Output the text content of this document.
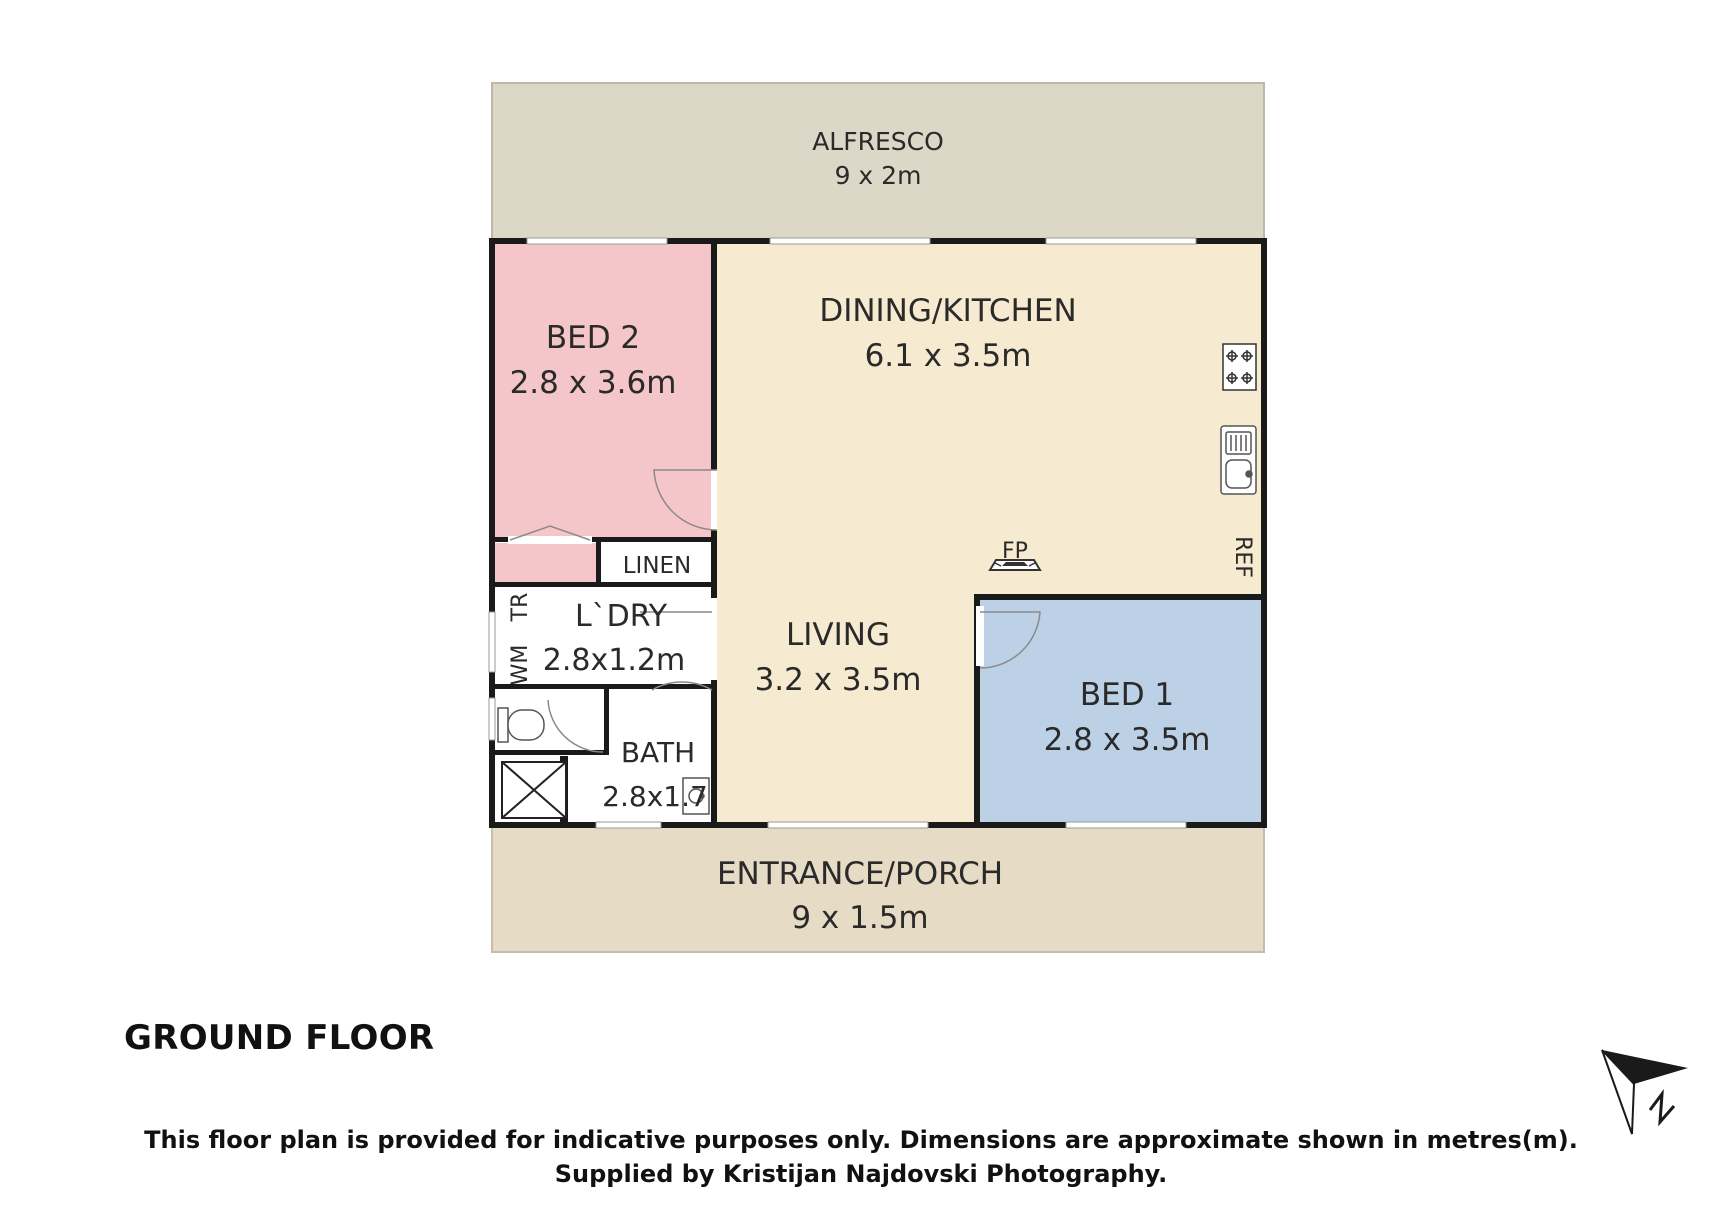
ALFRESCO
9 x 2m
BED 2
2.8 x 3.6m
DINING/KITCHEN
6.1 x 3.5m
LIVING
3.2 x 3.5m	BED 1
2.8 x 3.5m
LINEN
L`DRY
2.8x1.2m
BATH
2.8x1.7
ENTRANCE/PORCH
9 x 1.5m
FP	REF
WM
TR
GROUND FLOOR
This floor plan is provided for indicative purposes only. Dimensions are approximate shown in metres(m).
Supplied by Kristijan Najdovski Photography.
